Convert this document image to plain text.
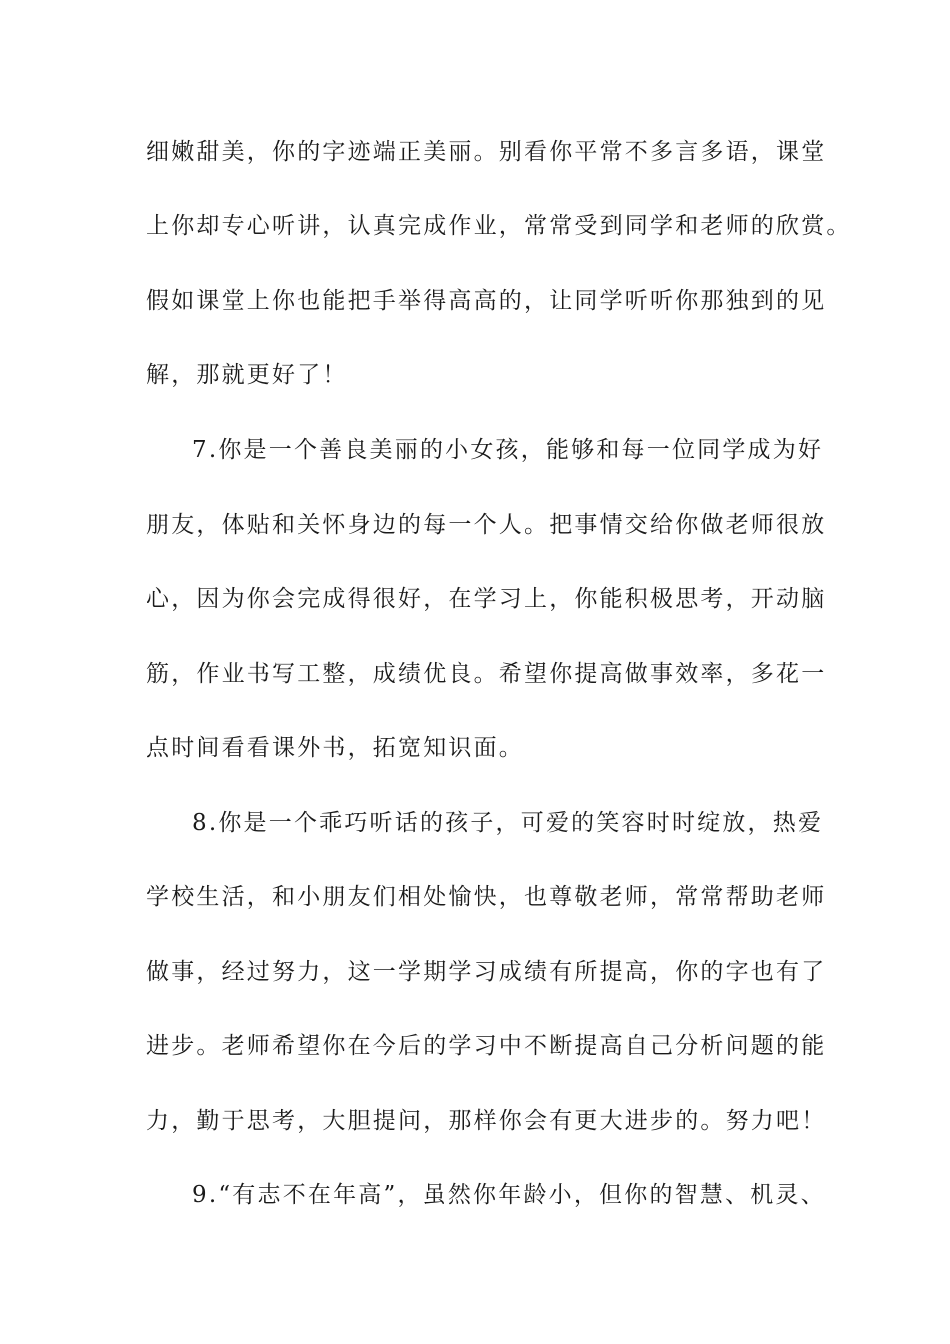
细嫩甜美，你的字迹端正美丽。别看你平常不多言多语，课堂
上你却专心听讲，认真完成作业，常常受到同学和老师的欣赏。
假如课堂上你也能把手举得高高的，让同学听听你那独到的见
解，那就更好了！
7.你是一个善良美丽的小女孩，能够和每一位同学成为好
朋友，体贴和关怀身边的每一个人。把事情交给你做老师很放
心，因为你会完成得很好，在学习上，你能积极思考，开动脑
筋，作业书写工整，成绩优良。希望你提高做事效率，多花一
点时间看看课外书，拓宽知识面。
8.你是一个乖巧听话的孩子，可爱的笑容时时绽放，热爱
学校生活，和小朋友们相处愉快，也尊敬老师，常常帮助老师
做事，经过努力，这一学期学习成绩有所提高，你的字也有了
进步。老师希望你在今后的学习中不断提高自己分析问题的能
力，勤于思考，大胆提问，那样你会有更大进步的。努力吧！
9.“有志不在年高”，虽然你年龄小，但你的智慧、机灵、
